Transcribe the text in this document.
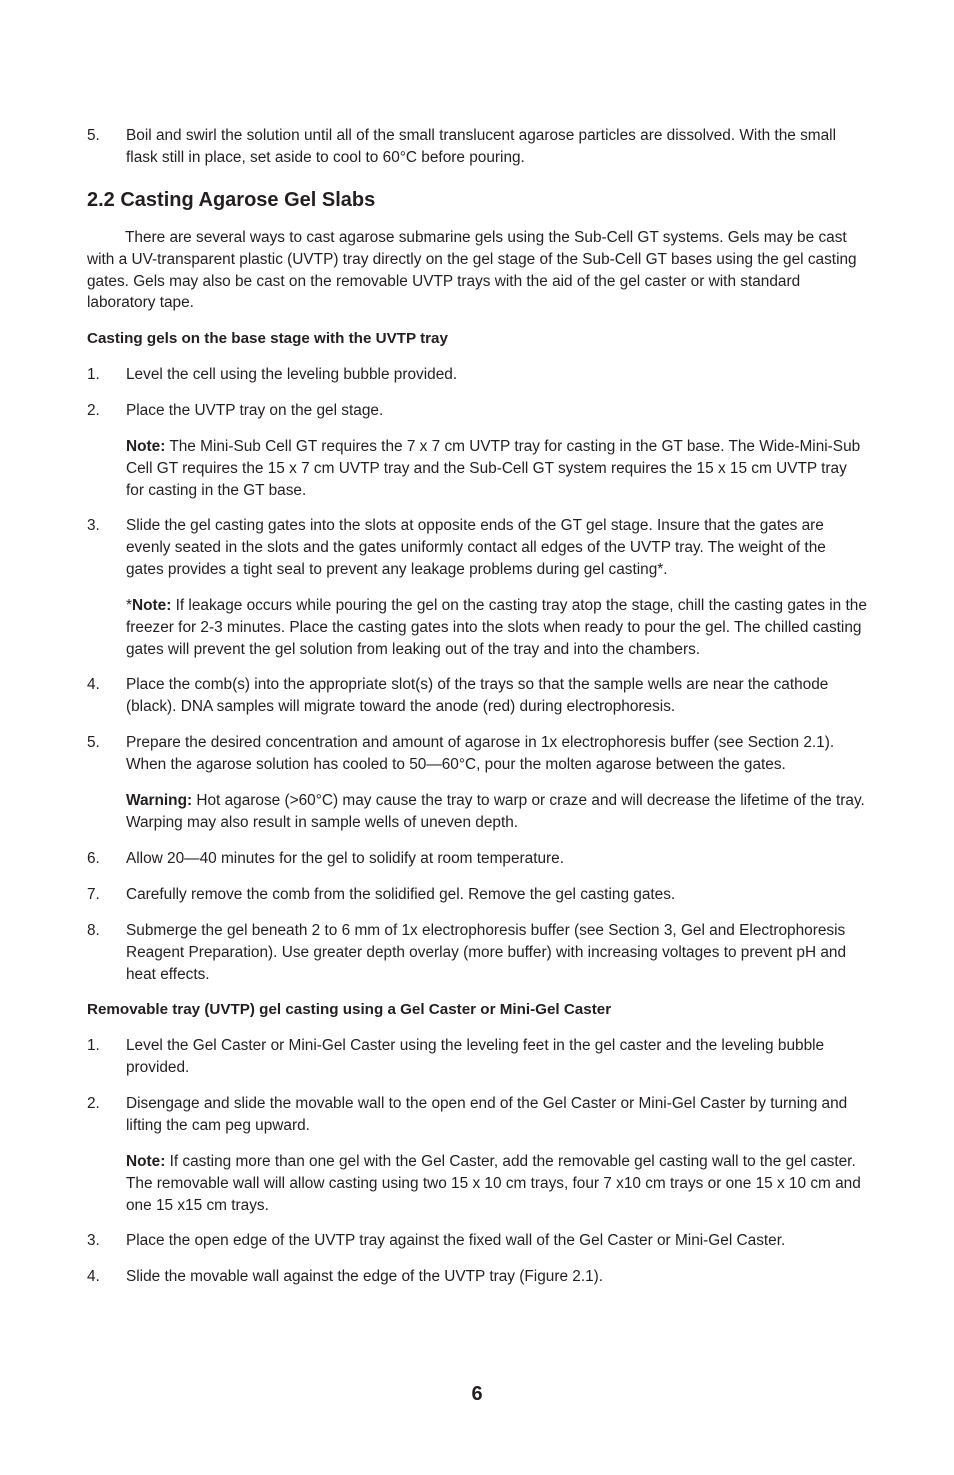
5.	Boil and swirl the solution until all of the small translucent agarose particles are dissolved. With the small flask still in place, set aside to cool to 60°C before pouring.
2.2 Casting Agarose Gel Slabs

There are several ways to cast agarose submarine gels using the Sub-Cell GT systems. Gels may be cast with a UV-transparent plastic (UVTP) tray directly on the gel stage of the Sub-Cell GT bases using the gel casting gates. Gels may also be cast on the removable UVTP trays with the aid of the gel caster or with standard laboratory tape.

Casting gels on the base stage with the UVTP tray
1.	Level the cell using the leveling bubble provided.
2.	Place the UVTP tray on the gel stage.

Note: The Mini-Sub Cell GT requires the 7 x 7 cm UVTP tray for casting in the GT base. The Wide-Mini-Sub Cell GT requires the 15 x 7 cm UVTP tray and the Sub-Cell GT system requires the 15 x 15 cm UVTP tray for casting in the GT base.

3.	Slide the gel casting gates into the slots at opposite ends of the GT gel stage. Insure that the gates are evenly seated in the slots and the gates uniformly contact all edges of the UVTP tray. The weight of the gates provides a tight seal to prevent any leakage problems during gel casting*.

*Note: If leakage occurs while pouring the gel on the casting tray atop the stage, chill the casting gates in the freezer for 2-3 minutes. Place the casting gates into the slots when ready to pour the gel. The chilled casting gates will prevent the gel solution from leaking out of the tray and into the chambers.

4.	Place the comb(s) into the appropriate slot(s) of the trays so that the sample wells are near the cathode (black). DNA samples will migrate toward the anode (red) during electrophoresis.
5.	Prepare the desired concentration and amount of agarose in 1x electrophoresis buffer (see Section 2.1). When the agarose solution has cooled to 50—60°C, pour the molten agarose between the gates.

Warning: Hot agarose (>60°C) may cause the tray to warp or craze and will decrease the lifetime of the tray. Warping may also result in sample wells of uneven depth.

6.	Allow 20—40 minutes for the gel to solidify at room temperature.
7.	Carefully remove the comb from the solidified gel. Remove the gel casting gates.
8.	Submerge the gel beneath 2 to 6 mm of 1x electrophoresis buffer (see Section 3, Gel and Electrophoresis Reagent Preparation). Use greater depth overlay (more buffer) with increasing voltages to prevent pH and heat effects.
Removable tray (UVTP) gel casting using a Gel Caster or Mini-Gel Caster
1.	Level the Gel Caster or Mini-Gel Caster using the leveling feet in the gel caster and the leveling bubble provided.
2.	Disengage and slide the movable wall to the open end of the Gel Caster or Mini-Gel Caster by turning and lifting the cam peg upward.

Note: If casting more than one gel with the Gel Caster, add the removable gel casting wall to the gel caster. The removable wall will allow casting using two 15 x 10 cm trays, four 7 x10 cm trays or one 15 x 10 cm and one 15 x15 cm trays.

3.	Place the open edge of the UVTP tray against the fixed wall of the Gel Caster or Mini-Gel Caster.
4.	Slide the movable wall against the edge of the UVTP tray (Figure 2.1).
6
